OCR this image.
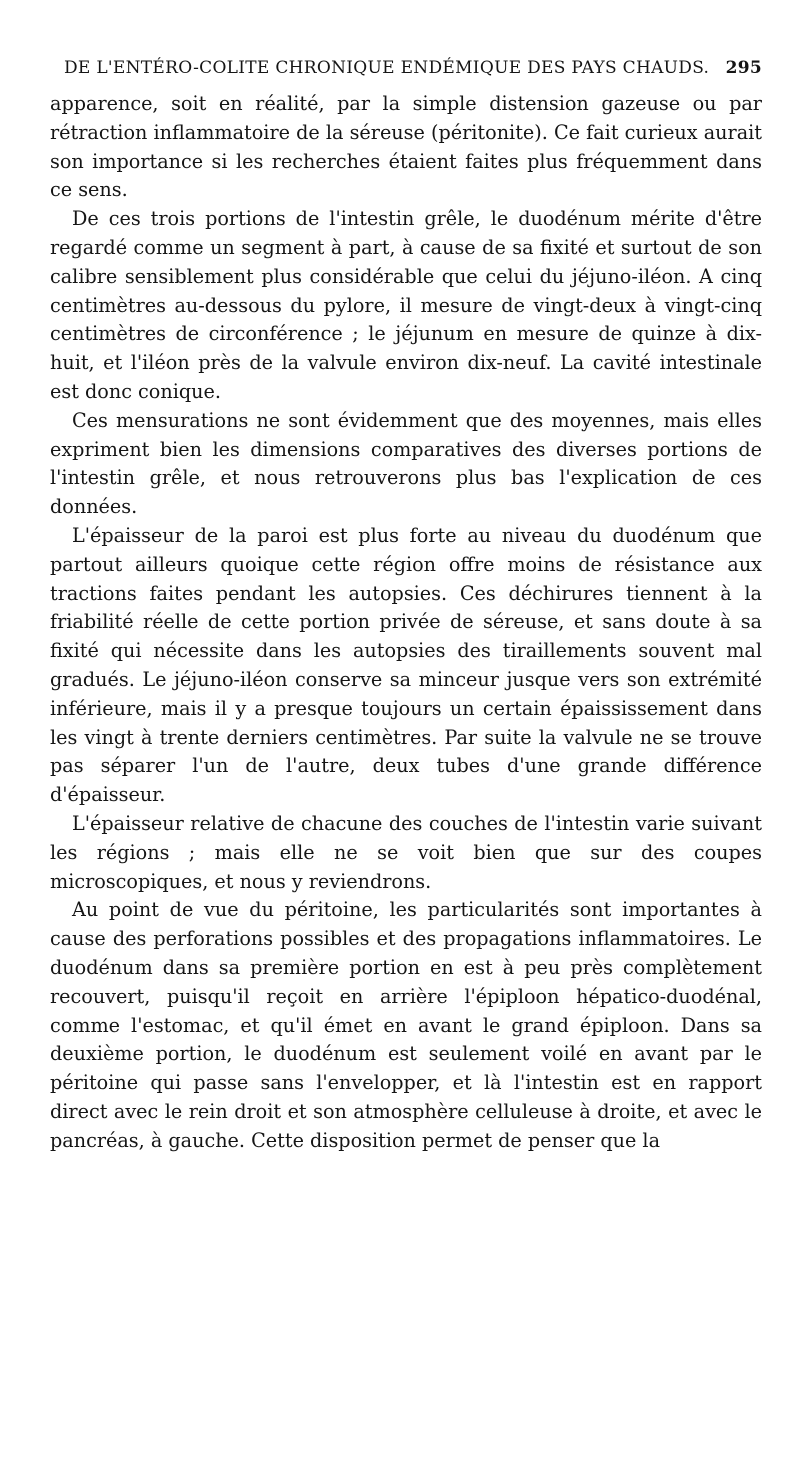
DE L'ENTÉRO-COLITE CHRONIQUE ENDÉMIQUE DES PAYS CHAUDS. 295

apparence, soit en réalité, par la simple distension gazeuse ou par rétraction inflammatoire de la séreuse (péritonite). Ce fait curieux aurait son importance si les recherches étaient faites plus fréquemment dans ce sens.

De ces trois portions de l'intestin grêle, le duodénum mérite d'être regardé comme un segment à part, à cause de sa fixité et surtout de son calibre sensiblement plus considérable que celui du jéjuno-iléon. A cinq centimètres au-dessous du pylore, il mesure de vingt-deux à vingt-cinq centimètres de circonférence ; le jéjunum en mesure de quinze à dix-huit, et l'iléon près de la valvule environ dix-neuf. La cavité intestinale est donc conique.

Ces mensurations ne sont évidemment que des moyennes, mais elles expriment bien les dimensions comparatives des diverses portions de l'intestin grêle, et nous retrouverons plus bas l'explication de ces données.

L'épaisseur de la paroi est plus forte au niveau du duodénum que partout ailleurs quoique cette région offre moins de résistance aux tractions faites pendant les autopsies. Ces déchirures tiennent à la friabilité réelle de cette portion privée de séreuse, et sans doute à sa fixité qui nécessite dans les autopsies des tiraillements souvent mal gradués. Le jéjuno-iléon conserve sa minceur jusque vers son extrémité inférieure, mais il y a presque toujours un certain épaississement dans les vingt à trente derniers centimètres. Par suite la valvule ne se trouve pas séparer l'un de l'autre, deux tubes d'une grande différence d'épaisseur.

L'épaisseur relative de chacune des couches de l'intestin varie suivant les régions ; mais elle ne se voit bien que sur des coupes microscopiques, et nous y reviendrons.

Au point de vue du péritoine, les particularités sont importantes à cause des perforations possibles et des propagations inflammatoires. Le duodénum dans sa première portion en est à peu près complètement recouvert, puisqu'il reçoit en arrière l'épiploon hépatico-duodénal, comme l'estomac, et qu'il émet en avant le grand épiploon. Dans sa deuxième portion, le duodénum est seulement voilé en avant par le péritoine qui passe sans l'envelopper, et là l'intestin est en rapport direct avec le rein droit et son atmosphère celluleuse à droite, et avec le pancréas, à gauche. Cette disposition permet de penser que la
